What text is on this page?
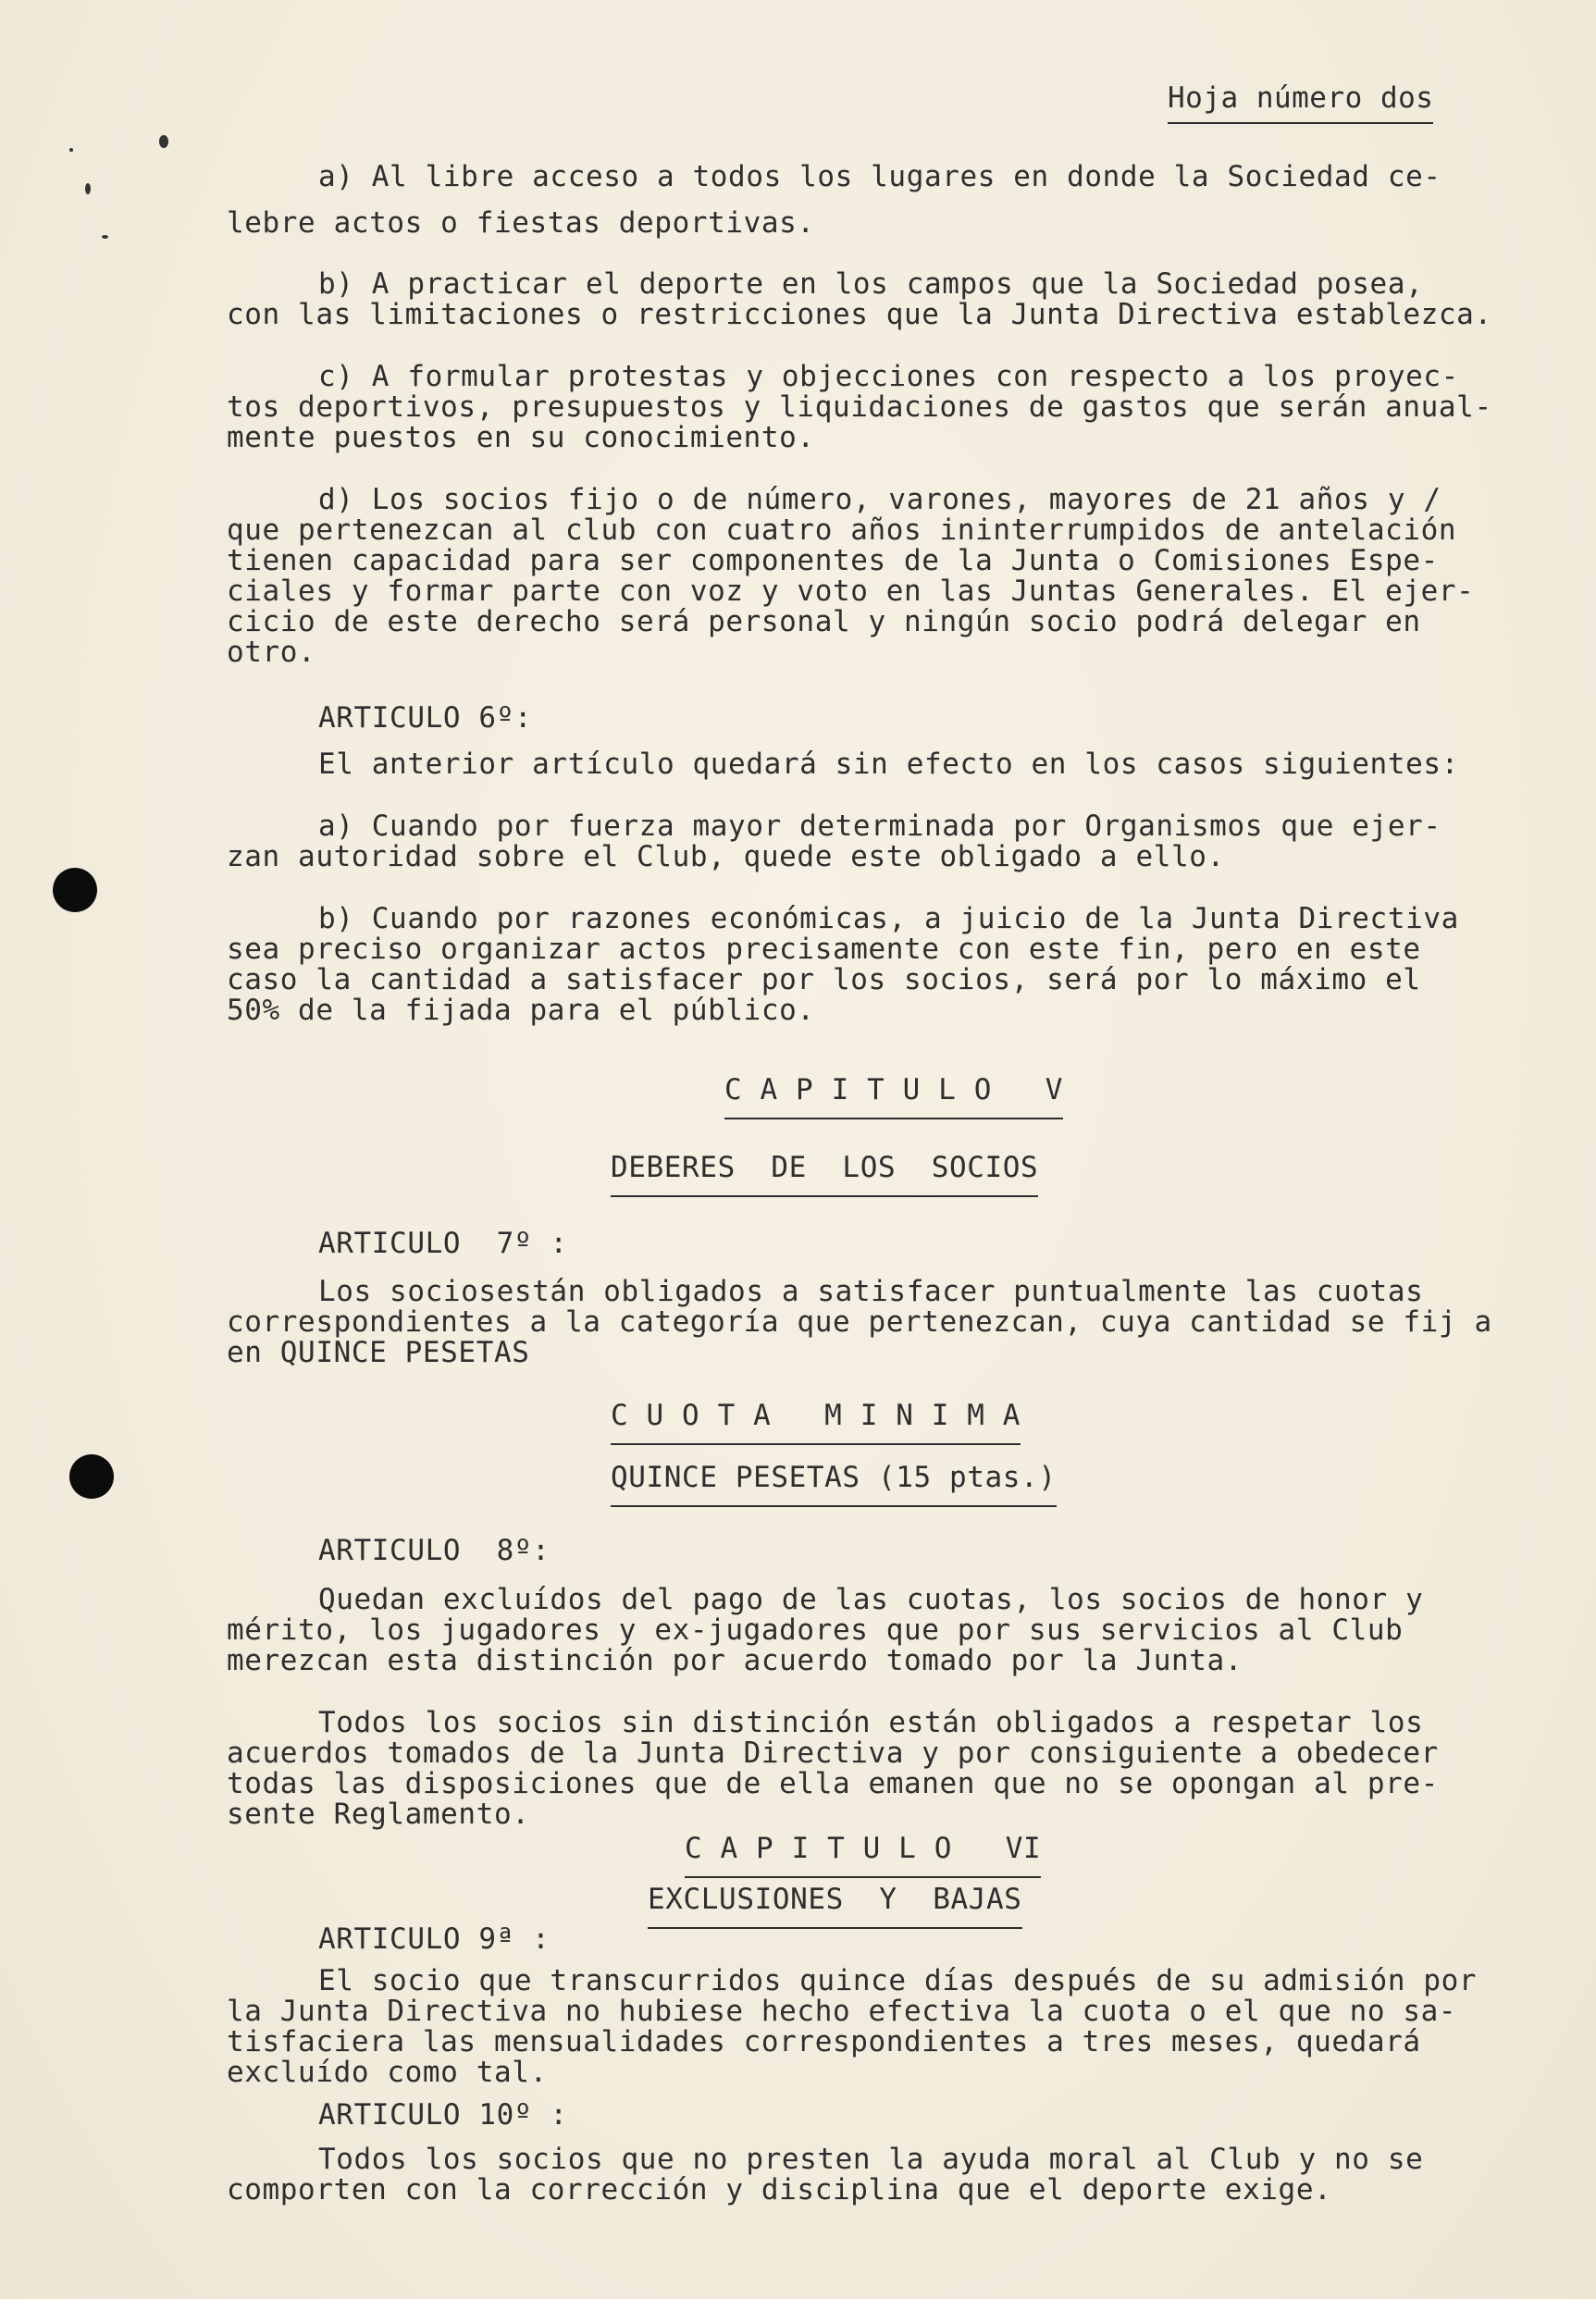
Hoja número dos
a) Al libre acceso a todos los lugares en donde la Sociedad ce-
lebre actos o fiestas deportivas.
b) A practicar el deporte en los campos que la Sociedad posea,
con las limitaciones o restricciones que la Junta Directiva establezca.
c) A formular protestas y objecciones con respecto a los proyec-
tos deportivos, presupuestos y liquidaciones de gastos que serán anual-
mente puestos en su conocimiento.
d) Los socios fijo o de número, varones, mayores de 21 años y /
que pertenezcan al club con cuatro años ininterrumpidos de antelación
tienen capacidad para ser componentes de la Junta o Comisiones Espe-
ciales y formar parte con voz y voto en las Juntas Generales. El ejer-
cicio de este derecho será personal y ningún socio podrá delegar en
otro.
ARTICULO 6º:
El anterior artículo quedará sin efecto en los casos siguientes:
a) Cuando por fuerza mayor determinada por Organismos que ejer-
zan autoridad sobre el Club, quede este obligado a ello.
b) Cuando por razones económicas, a juicio de la Junta Directiva
sea preciso organizar actos precisamente con este fin, pero en este
caso la cantidad a satisfacer por los socios, será por lo máximo el
50% de la fijada para el público.
C A P I T U L O   V
DEBERES  DE  LOS  SOCIOS
ARTICULO  7º :
Los sociosestán obligados a satisfacer puntualmente las cuotas
correspondientes a la categoría que pertenezcan, cuya cantidad se fij a
en QUINCE PESETAS
C U O T A   M I N I M A
QUINCE PESETAS (15 ptas.)
ARTICULO  8º:
Quedan excluídos del pago de las cuotas, los socios de honor y
mérito, los jugadores y ex-jugadores que por sus servicios al Club
merezcan esta distinción por acuerdo tomado por la Junta.
Todos los socios sin distinción están obligados a respetar los
acuerdos tomados de la Junta Directiva y por consiguiente a obedecer
todas las disposiciones que de ella emanen que no se opongan al pre-
sente Reglamento.
C A P I T U L O   VI
EXCLUSIONES  Y  BAJAS
ARTICULO 9ª :
El socio que transcurridos quince días después de su admisión por
la Junta Directiva no hubiese hecho efectiva la cuota o el que no sa-
tisfaciera las mensualidades correspondientes a tres meses, quedará
excluído como tal.
ARTICULO 10º :
Todos los socios que no presten la ayuda moral al Club y no se
comporten con la corrección y disciplina que el deporte exige.
